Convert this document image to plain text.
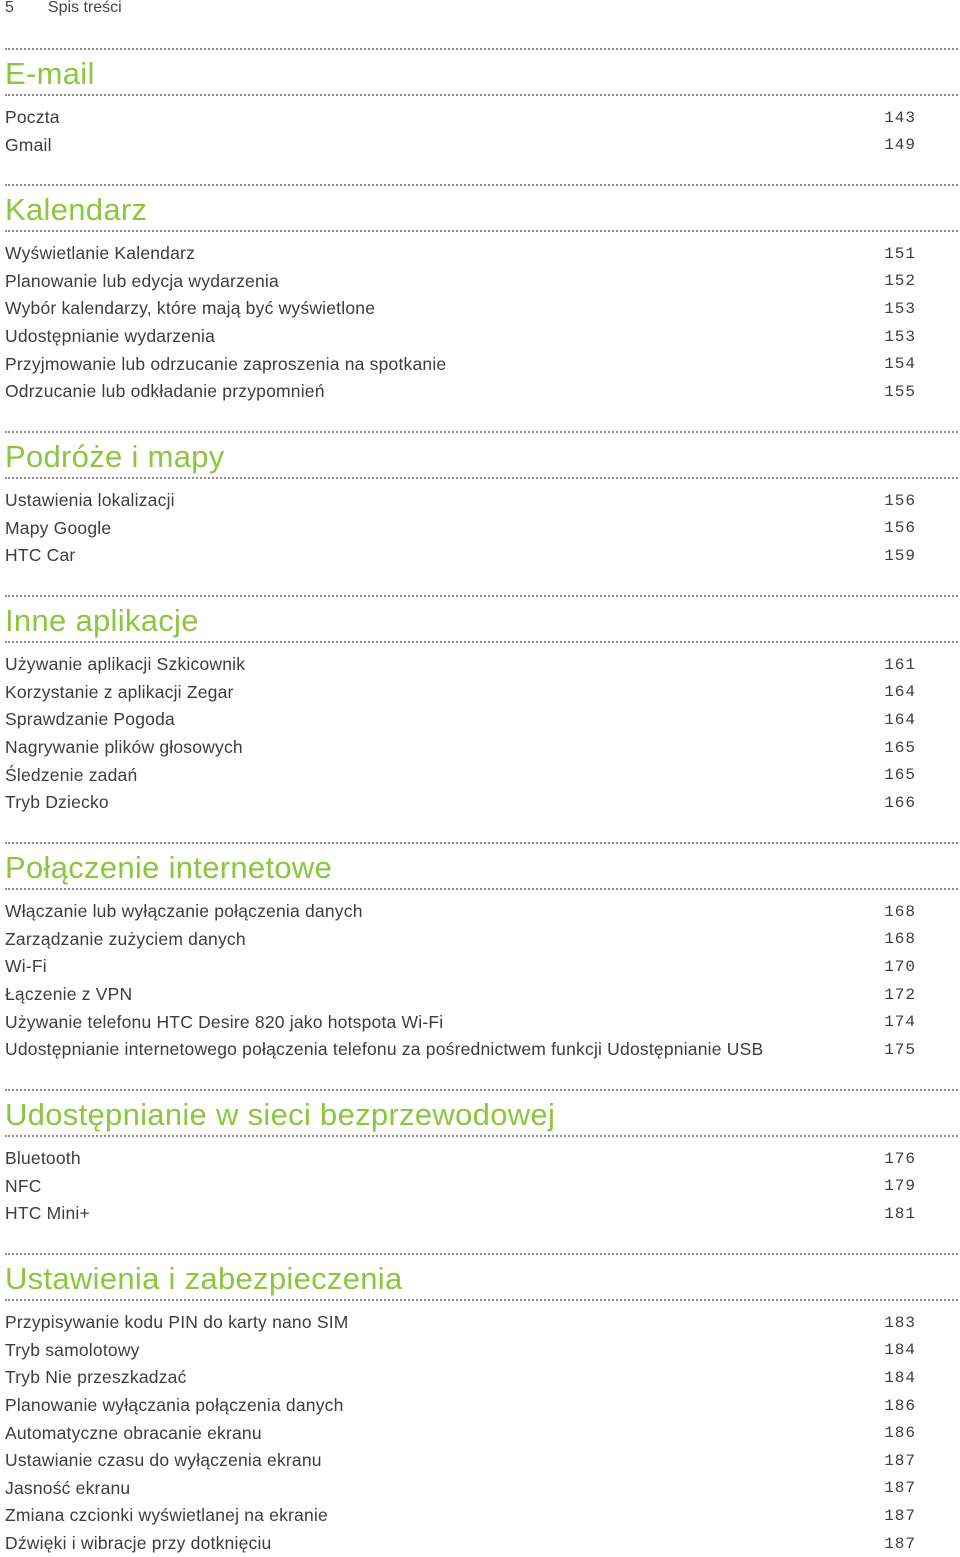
5 Spis treści
E-mail
Poczta	143
Gmail	149
Kalendarz
Wyświetlanie Kalendarz	151
Planowanie lub edycja wydarzenia	152
Wybór kalendarzy, które mają być wyświetlone	153
Udostępnianie wydarzenia	153
Przyjmowanie lub odrzucanie zaproszenia na spotkanie	154
Odrzucanie lub odkładanie przypomnień	155
Podróże i mapy
Ustawienia lokalizacji	156
Mapy Google	156
HTC Car	159
Inne aplikacje
Używanie aplikacji Szkicownik	161
Korzystanie z aplikacji Zegar	164
Sprawdzanie Pogoda	164
Nagrywanie plików głosowych	165
Śledzenie zadań	165
Tryb Dziecko	166
Połączenie internetowe
Włączanie lub wyłączanie połączenia danych	168
Zarządzanie zużyciem danych	168
Wi-Fi	170
Łączenie z VPN	172
Używanie telefonu HTC Desire 820 jako hotspota Wi-Fi	174
Udostępnianie internetowego połączenia telefonu za pośrednictwem funkcji Udostępnianie USB	175
Udostępnianie w sieci bezprzewodowej
Bluetooth	176
NFC	179
HTC Mini+	181
Ustawienia i zabezpieczenia
Przypisywanie kodu PIN do karty nano SIM	183
Tryb samolotowy	184
Tryb Nie przeszkadzać	184
Planowanie wyłączania połączenia danych	186
Automatyczne obracanie ekranu	186
Ustawianie czasu do wyłączenia ekranu	187
Jasność ekranu	187
Zmiana czcionki wyświetlanej na ekranie	187
Dźwięki i wibracje przy dotknięciu	187
